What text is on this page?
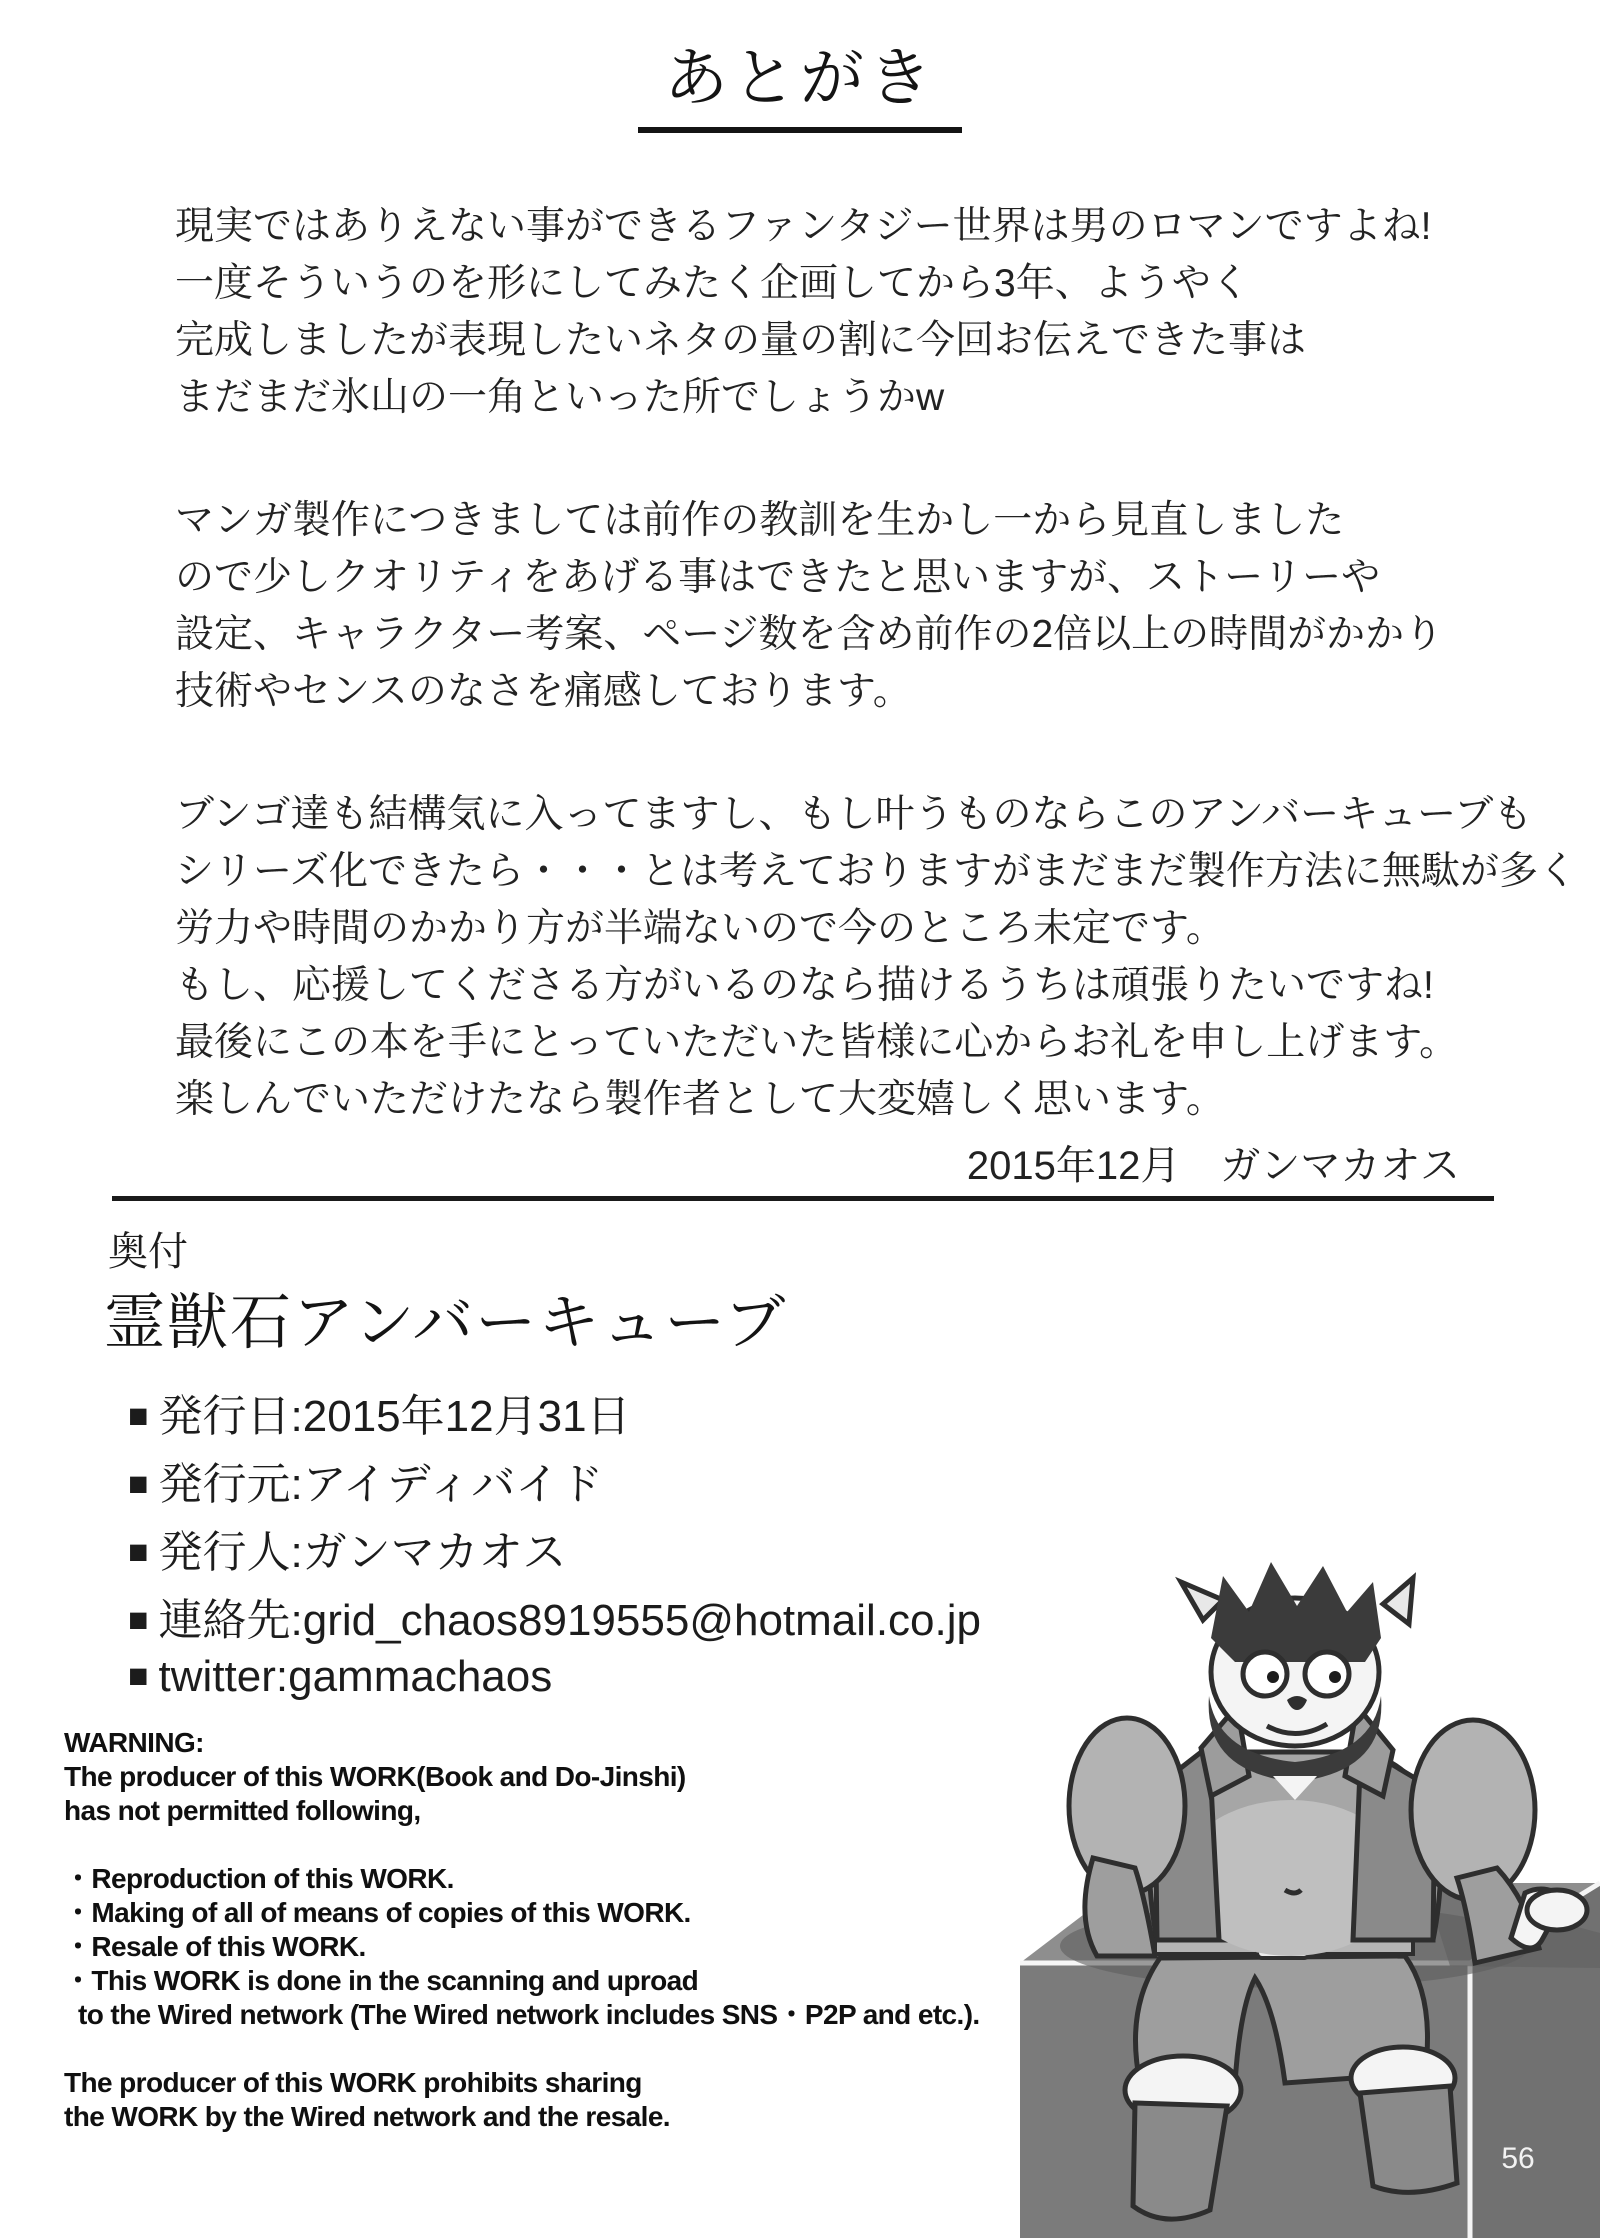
あとがき
現実ではありえない事ができるファンタジー世界は男のロマンですよね!
一度そういうのを形にしてみたく企画してから3年、ようやく
完成しましたが表現したいネタの量の割に今回お伝えできた事は
まだまだ氷山の一角といった所でしょうかw
マンガ製作につきましては前作の教訓を生かし一から見直しました
ので少しクオリティをあげる事はできたと思いますが、ストーリーや
設定、キャラクター考案、ページ数を含め前作の2倍以上の時間がかかり
技術やセンスのなさを痛感しております。
ブンゴ達も結構気に入ってますし、もし叶うものならこのアンバーキューブも
シリーズ化できたら・・・とは考えておりますがまだまだ製作方法に無駄が多く
労力や時間のかかり方が半端ないので今のところ未定です。
もし、応援してくださる方がいるのなら描けるうちは頑張りたいですね!
最後にこの本を手にとっていただいた皆様に心からお礼を申し上げます。
楽しんでいただけたなら製作者として大変嬉しく思います。
2015年12月　ガンマカオス
奥付
霊獣石アンバーキューブ
■ 発行日:2015年12月31日
■ 発行元:アイディバイド
■ 発行人:ガンマカオス
■ 連絡先:grid_chaos8919555@hotmail.co.jp
■ twitter:gammachaos
WARNING:
The producer of this WORK(Book and Do-Jinshi)
has not permitted following,
・Reproduction of this WORK.
・Making of all of means of copies of this WORK.
・Resale of this WORK.
・This WORK is done in the scanning and uproad
to the Wired network (The Wired network includes SNS・P2P and etc.).
The producer of this WORK prohibits sharing
the WORK by the Wired network and the resale.
56
